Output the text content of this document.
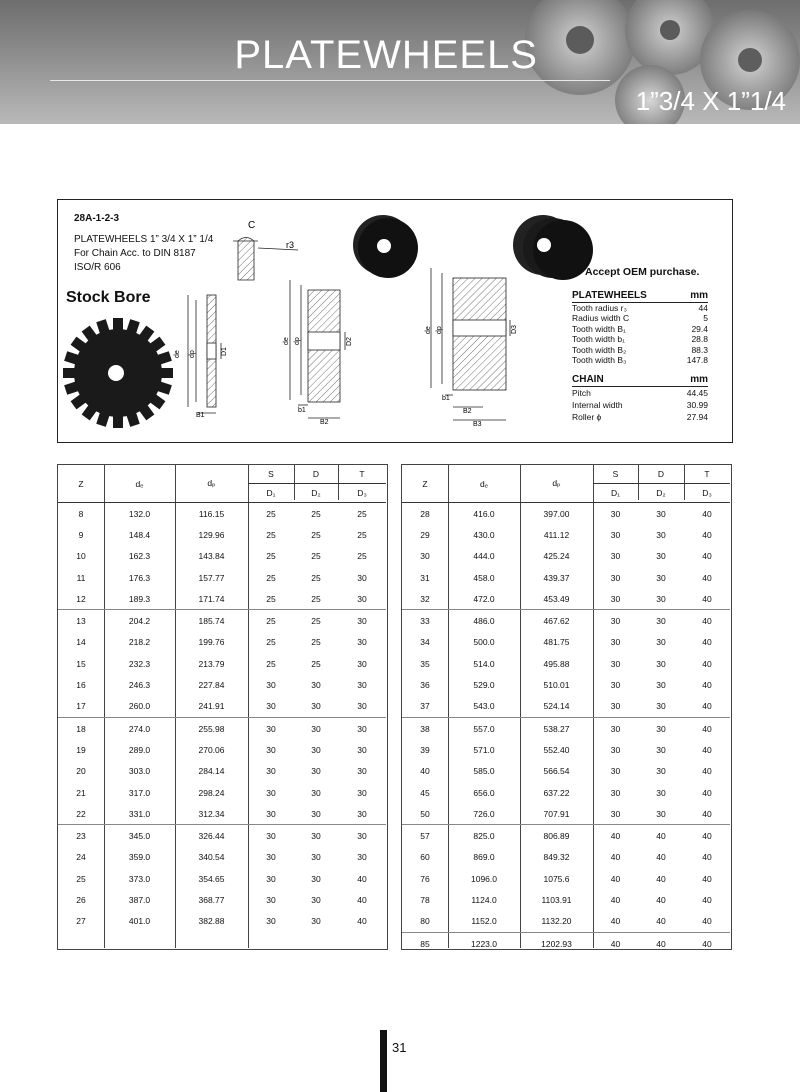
PLATEWHEELS
1”3/4 X 1”1/4
28A-1-2-3
PLATEWHEELS 1” 3/4 X 1” 1/4
For Chain Acc. to DIN 8187
ISO/R 606
Stock Bore
Accept OEM purchase.
C
r3
de dp	D1
B1
de dp	D2
b1
B2
de dp	D3
b1
B2
B3
PLATEWHEELS	mm
Tooth radius r₃	44
Radius width C	5
Tooth width B₁	29.4
Tooth width b₁	28.8
Tooth width B₂	88.3
Tooth width B₃	147.8
CHAIN	mm
Pitch	44.45
Internal width	30.99
Roller ϕ	27.94
Z	dₑ	dₚ	S	D	T
			D₁	D₂	D₃
8	132.0	116.15	25	25	25
9	148.4	129.96	25	25	25
10	162.3	143.84	25	25	25
11	176.3	157.77	25	25	30
12	189.3	171.74	25	25	30
13	204.2	185.74	25	25	30
14	218.2	199.76	25	25	30
15	232.3	213.79	25	25	30
16	246.3	227.84	30	30	30
17	260.0	241.91	30	30	30
18	274.0	255.98	30	30	30
19	289.0	270.06	30	30	30
20	303.0	284.14	30	30	30
21	317.0	298.24	30	30	30
22	331.0	312.34	30	30	30
23	345.0	326.44	30	30	30
24	359.0	340.54	30	30	30
25	373.0	354.65	30	30	40
26	387.0	368.77	30	30	40
27	401.0	382.88	30	30	40
Z	dₑ	dₚ	S	D	T
			D₁	D₂	D₃
28	416.0	397.00	30	30	40
29	430.0	411.12	30	30	40
30	444.0	425.24	30	30	40
31	458.0	439.37	30	30	40
32	472.0	453.49	30	30	40
33	486.0	467.62	30	30	40
34	500.0	481.75	30	30	40
35	514.0	495.88	30	30	40
36	529.0	510.01	30	30	40
37	543.0	524.14	30	30	40
38	557.0	538.27	30	30	40
39	571.0	552.40	30	30	40
40	585.0	566.54	30	30	40
45	656.0	637.22	30	30	40
50	726.0	707.91	30	30	40
57	825.0	806.89	40	40	40
60	869.0	849.32	40	40	40
76	1096.0	1075.6	40	40	40
78	1124.0	1103.91	40	40	40
80	1152.0	1132.20	40	40	40
85	1223.0	1202.93	40	40	40
31
